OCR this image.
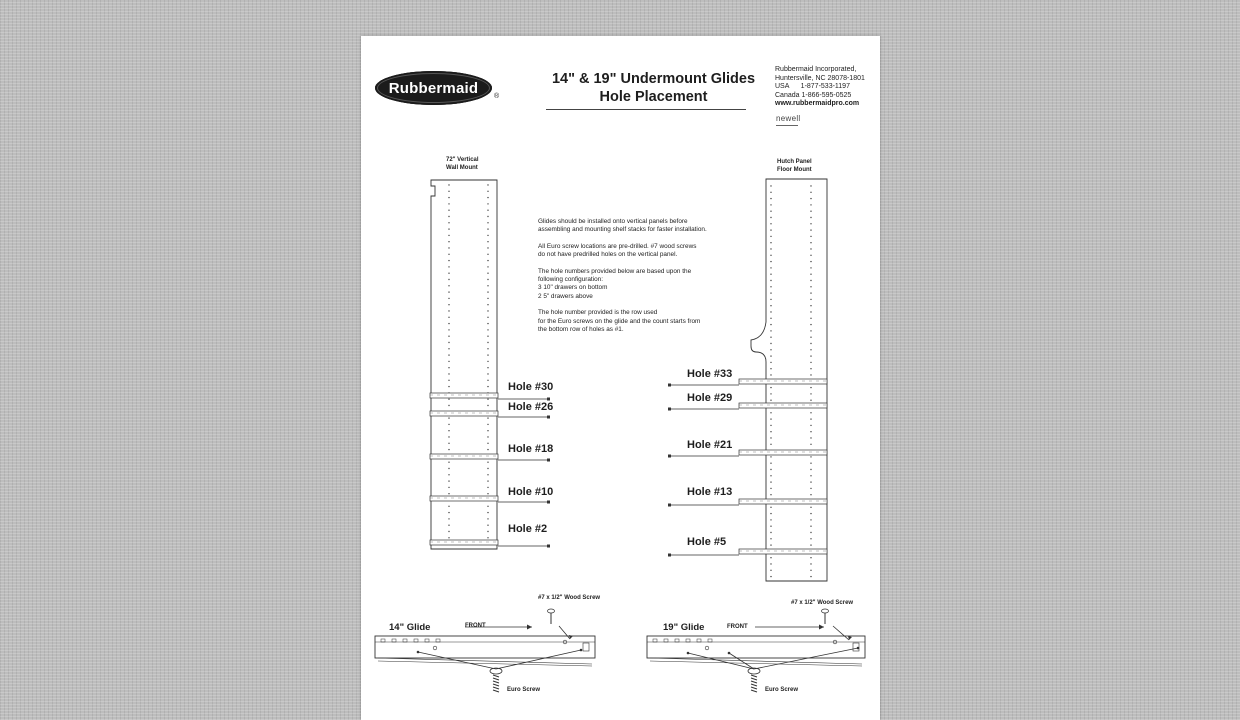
Rubbermaid	®
14" & 19" Undermount Glides
Hole Placement
Rubbermaid Incorporated,
Huntersville, NC 28078-1801
USA      1-877-533-1197
Canada 1-866-595-0525
www.rubbermaidpro.com
newell
72" Vertical
Wall Mount
Hutch Panel
Floor Mount

Glides should be installed onto vertical panels before
assembling and mounting shelf stacks for faster installation.

All Euro screw locations are pre-drilled. #7 wood screws
do not have predrilled holes on the vertical panel.

The hole numbers provided below are based upon the
following configuration:
3 10" drawers on bottom
2 5" drawers above

The hole number provided is the row used
for the Euro screws on the glide and the count starts from
the bottom row of holes as #1.

Hole #30
Hole #26
Hole #18
Hole #10
Hole #2
Hole #33
Hole #29
Hole #21
Hole #13
Hole #5
14" Glide	FRONT
#7 x 1/2" Wood Screw
Euro Screw
19" Glide	FRONT
#7 x 1/2" Wood Screw
Euro Screw
